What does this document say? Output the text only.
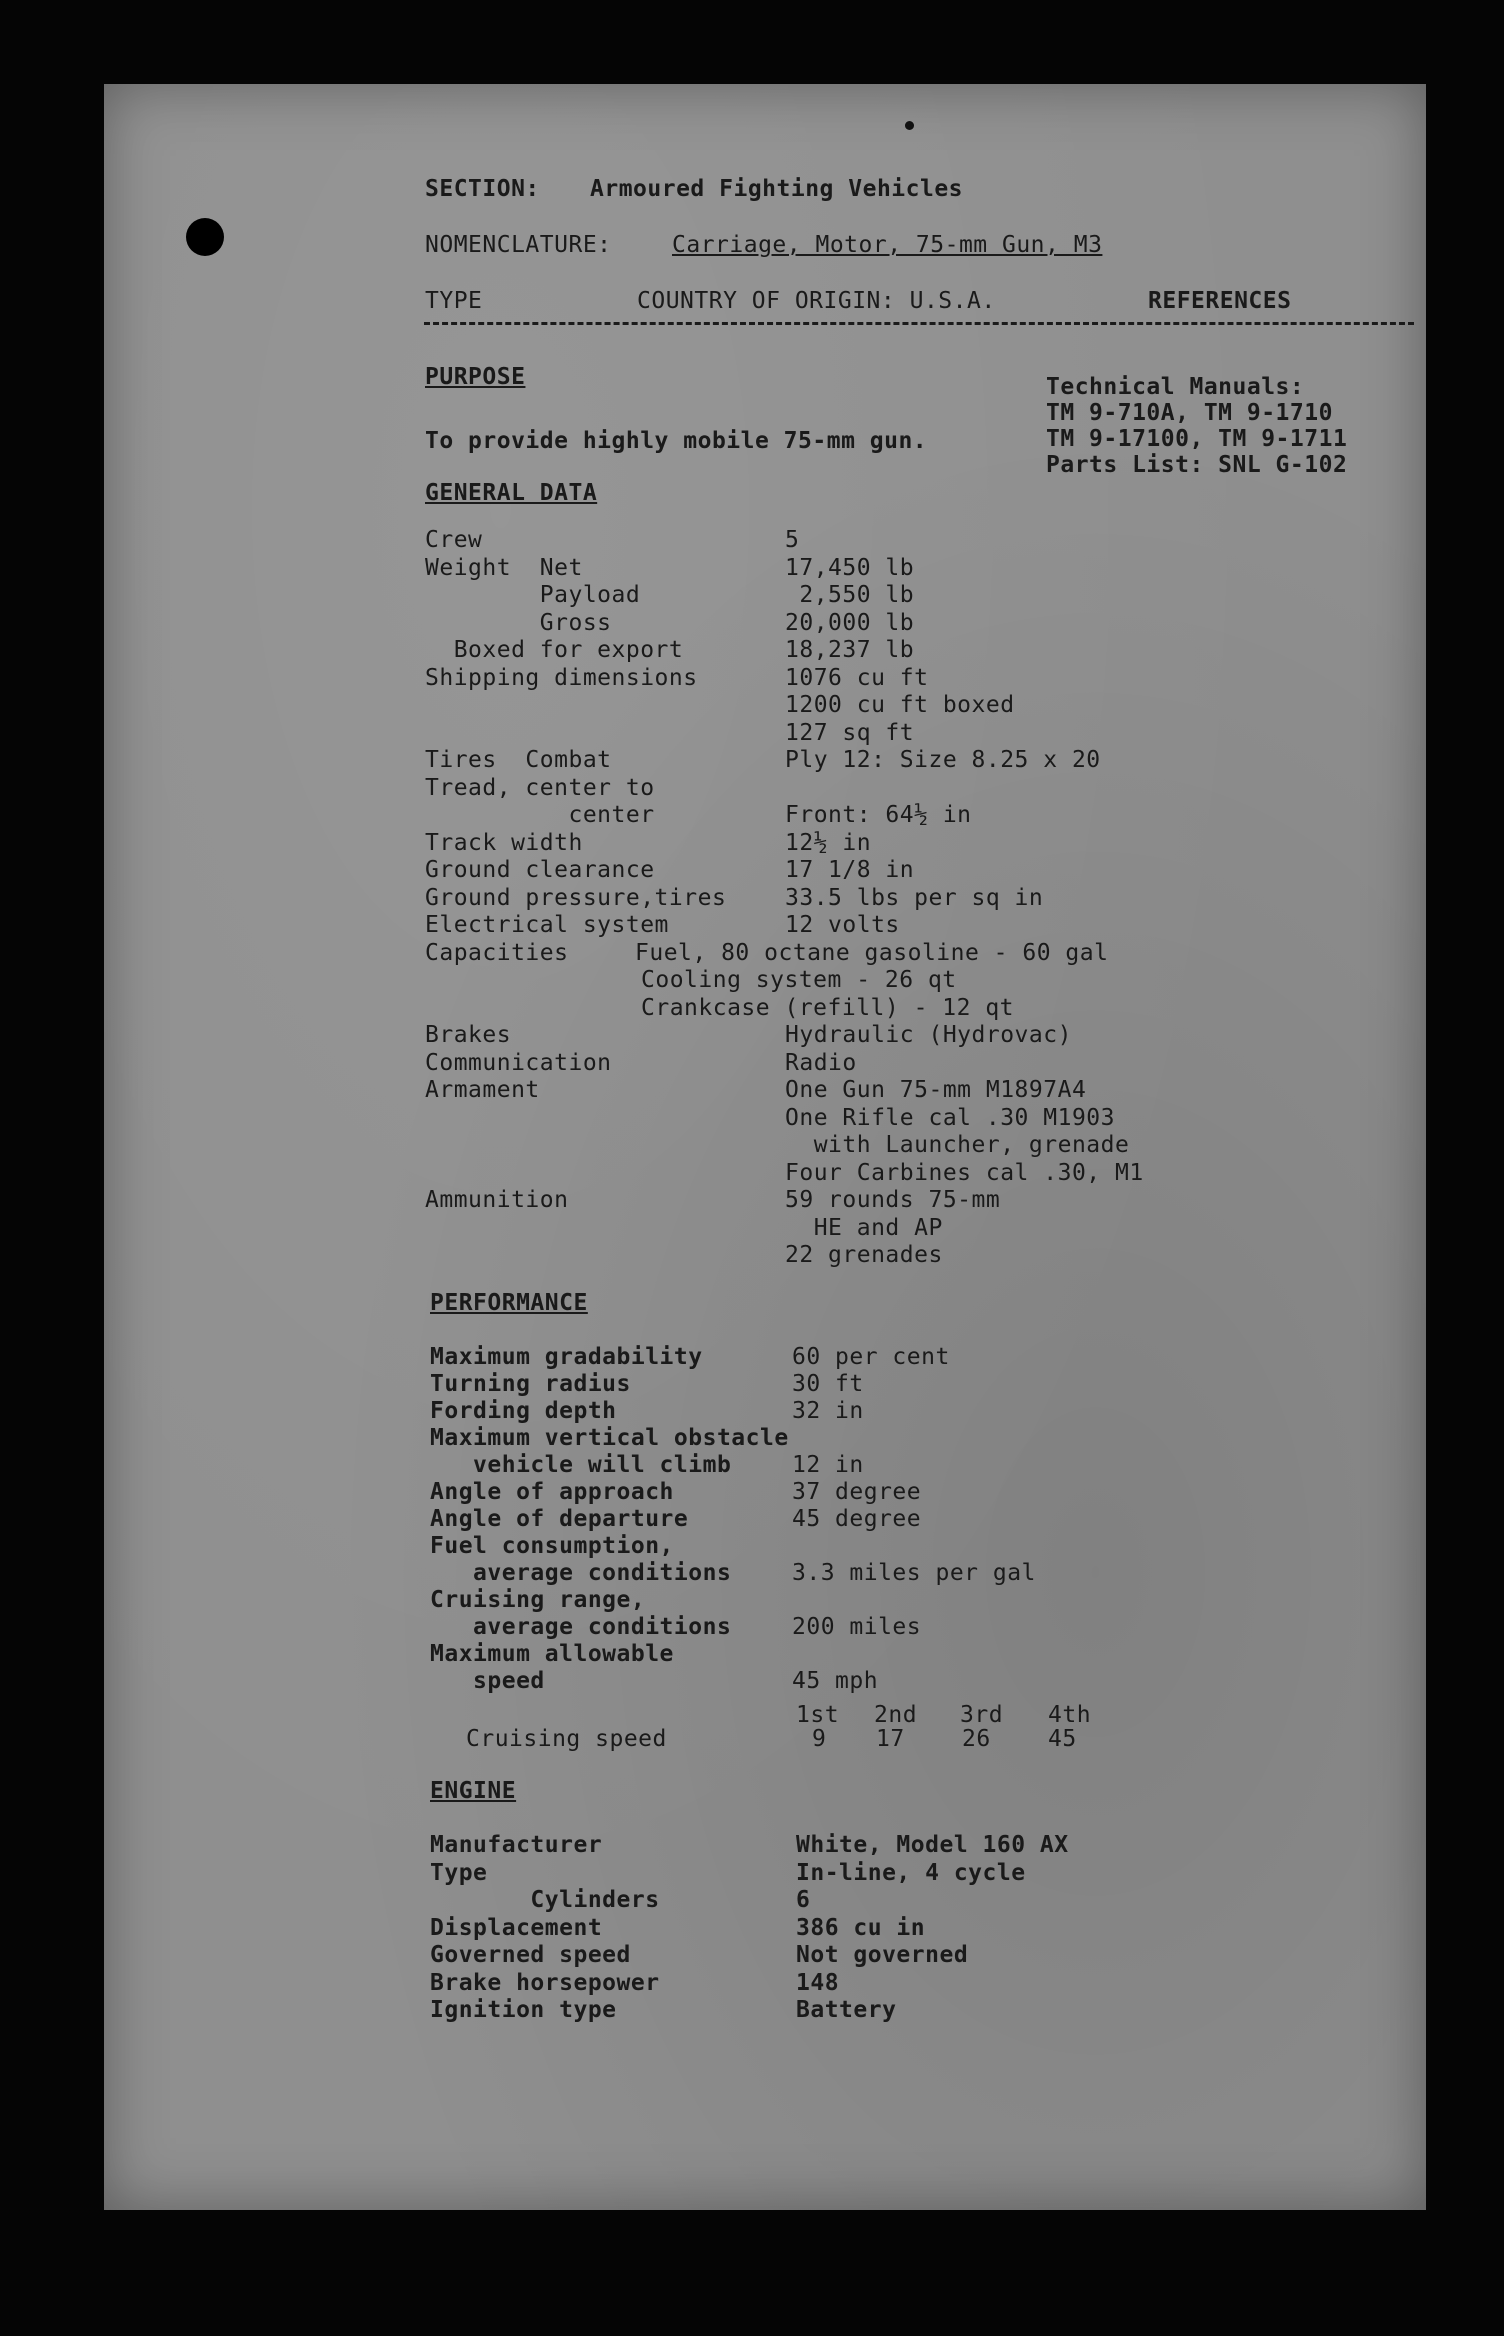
SECTION: Armoured Fighting Vehicles
NOMENCLATURE:	Carriage, Motor, 75-mm Gun, M3
TYPE	COUNTRY OF ORIGIN: U.S.A.	REFERENCES
PURPOSE
To provide highly mobile 75-mm gun.
Technical Manuals:
TM 9-710A, TM 9-1710
TM 9-17100, TM 9-1711
Parts List: SNL G-102
GENERAL DATA
Crew	5
Weight  Net	17,450 lb
Payload	2,550 lb
Gross	20,000 lb
Boxed for export	18,237 lb
Shipping dimensions	1076 cu ft
1200 cu ft boxed
127 sq ft
Tires  Combat	Ply 12: Size 8.25 x 20
Tread, center to
center	Front: 64½ in
Track width	12½ in
Ground clearance	17 1/8 in
Ground pressure,tires	33.5 lbs per sq in
Electrical system	12 volts
Capacities	Fuel, 80 octane gasoline - 60 gal
Cooling system - 26 qt
Crankcase (refill) - 12 qt
Brakes	Hydraulic (Hydrovac)
Communication	Radio
Armament	One Gun 75-mm M1897A4
One Rifle cal .30 M1903
with Launcher, grenade
Four Carbines cal .30, M1
Ammunition	59 rounds 75-mm
HE and AP
22 grenades
PERFORMANCE
Maximum gradability	60 per cent
Turning radius	30 ft
Fording depth	32 in
Maximum vertical obstacle
vehicle will climb	12 in
Angle of approach	37 degree
Angle of departure	45 degree
Fuel consumption,
average conditions	3.3 miles per gal
Cruising range,
average conditions	200 miles
Maximum allowable
speed	45 mph
1st 2nd 3rd 4th
Cruising speed	9 17 26 45
ENGINE
Manufacturer	White, Model 160 AX
Type	In-line, 4 cycle
Cylinders	6
Displacement	386 cu in
Governed speed	Not governed
Brake horsepower	148
Ignition type	Battery
